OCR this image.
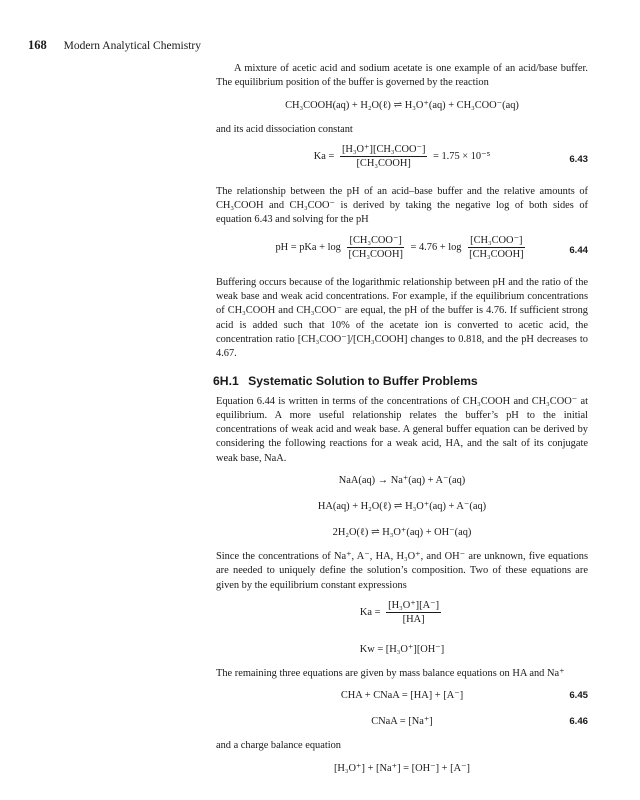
168 Modern Analytical Chemistry

A mixture of acetic acid and sodium acetate is one example of an acid/base buffer. The equilibrium position of the buffer is governed by the reaction

CH₃COOH(aq) + H₂O(ℓ) ⇌ H₃O⁺(aq) + CH₃COO⁻(aq)

and its acid dissociation constant

$Ka = \frac{\text{[H₃O⁺][CH₃COO⁻]}}{\text{[CH₃COOH]}} = 1.75 \times 10^{-5}$	6.43

The relationship between the pH of an acid–base buffer and the relative amounts of CH₃COOH and CH₃COO⁻ is derived by taking the negative log of both sides of equation 6.43 and solving for the pH

pH = pKa + $\log \frac{\text{[CH₃COO⁻]}}{\text{[CH₃COOH]}} = 4.76 + \log \frac{\text{[CH₃COO⁻]}}{\text{[CH₃COOH]}}$	6.44

Buffering occurs because of the logarithmic relationship between pH and the ratio of the weak base and weak acid concentrations. For example, if the equilibrium concentrations of CH₃COOH and CH₃COO⁻ are equal, the pH of the buffer is 4.76. If sufficient strong acid is added such that 10% of the acetate ion is converted to acetic acid, the concentration ratio [CH₃COO⁻]/[CH₃COOH] changes to 0.818, and the pH decreases to 4.67.

6H.1 Systematic Solution to Buffer Problems

Equation 6.44 is written in terms of the concentrations of CH₃COOH and CH₃COO⁻ at equilibrium. A more useful relationship relates the buffer’s pH to the initial concentrations of weak acid and weak base. A general buffer equation can be derived by considering the following reactions for a weak acid, HA, and the salt of its conjugate weak base, NaA.

NaA(aq) → Na⁺(aq) + A⁻(aq)
HA(aq) + H₂O(ℓ) ⇌ H₃O⁺(aq) + A⁻(aq)
2H₂O(ℓ) ⇌ H₃O⁺(aq) + OH⁻(aq)

Since the concentrations of Na⁺, A⁻, HA, H₃O⁺, and OH⁻ are unknown, five equations are needed to uniquely define the solution’s composition. Two of these equations are given by the equilibrium constant expressions

$Ka = \frac{\text{[H₃O⁺][A⁻]}}{[HA]}$
Kw = [H₃O⁺][OH⁻]

The remaining three equations are given by mass balance equations on HA and Na⁺

CHA + CNaA = [HA] + [A⁻]	6.45
CNaA = [Na⁺]	6.46

and a charge balance equation

[H₃O⁺] + [Na⁺] = [OH⁻] + [A⁻]
